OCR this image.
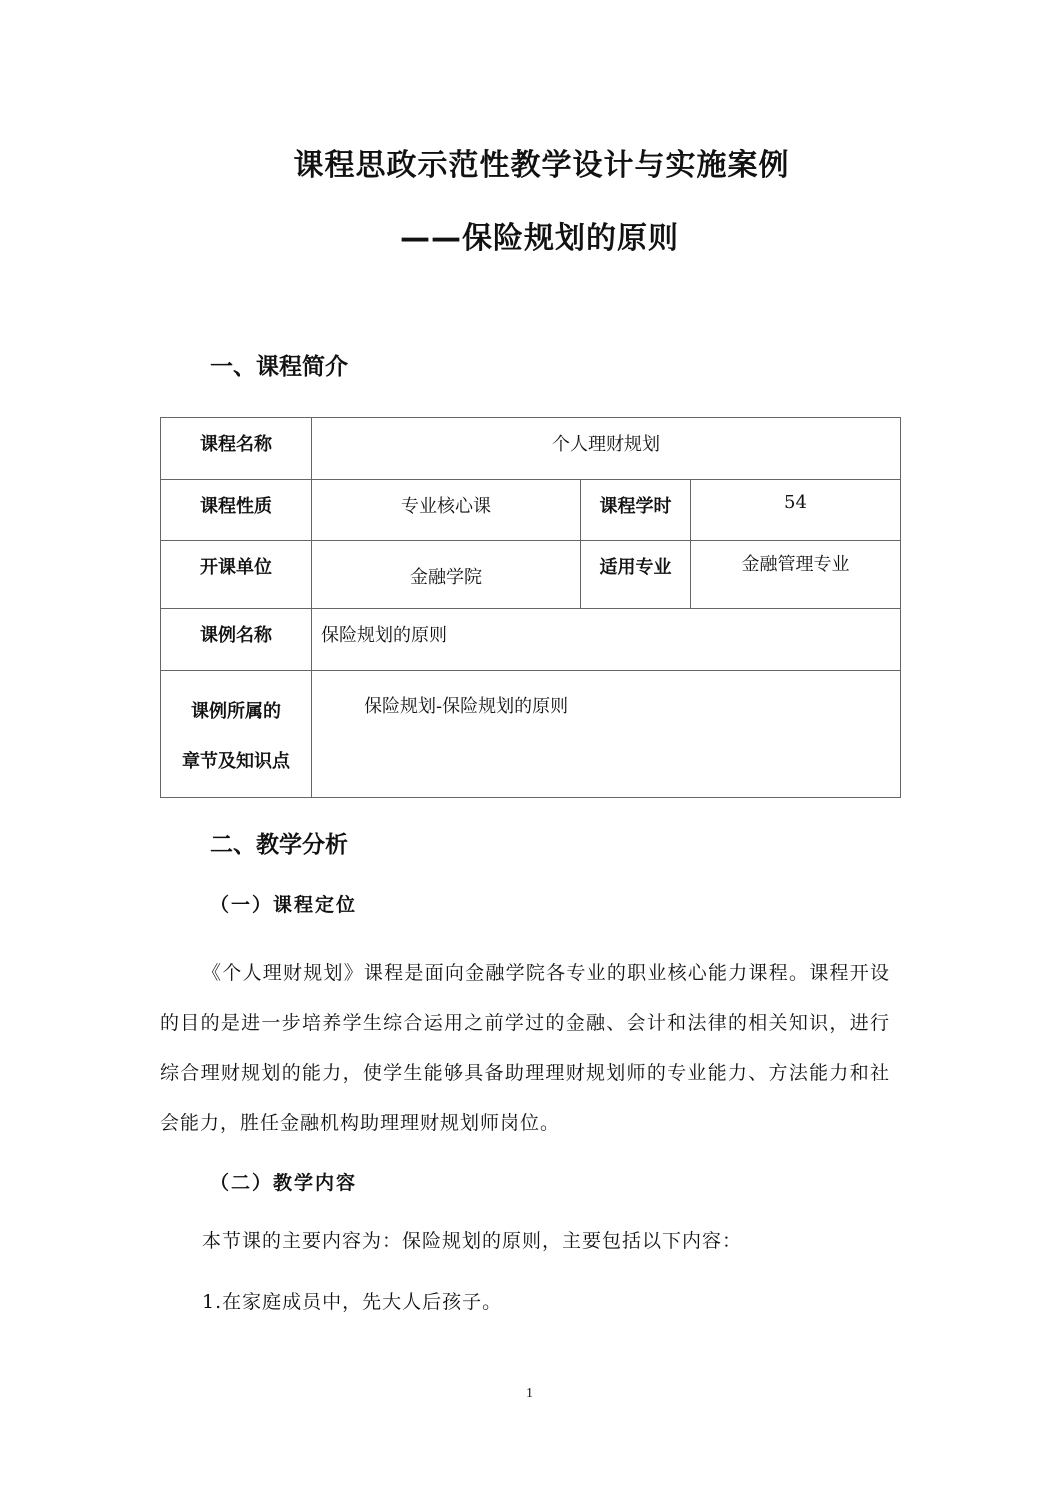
课程思政示范性教学设计与实施案例
——保险规划的原则
一、课程简介
课程名称	个人理财规划		

课程性质	专业核心课	课程学时	54

开课单位	金融学院	适用专业	金融管理专业

课例名称	保险规划的原则		

课例所属的
章节及知识点	保险规划-保险规划的原则		
二、教学分析
（一）课程定位
《个人理财规划》课程是面向金融学院各专业的职业核心能力课程。课程开设的目的是进一步培养学生综合运用之前学过的金融、会计和法律的相关知识，进行综合理财规划的能力，使学生能够具备助理理财规划师的专业能力、方法能力和社会能力，胜任金融机构助理理财规划师岗位。
（二）教学内容
本节课的主要内容为：保险规划的原则，主要包括以下内容：
1.在家庭成员中，先大人后孩子。
1
